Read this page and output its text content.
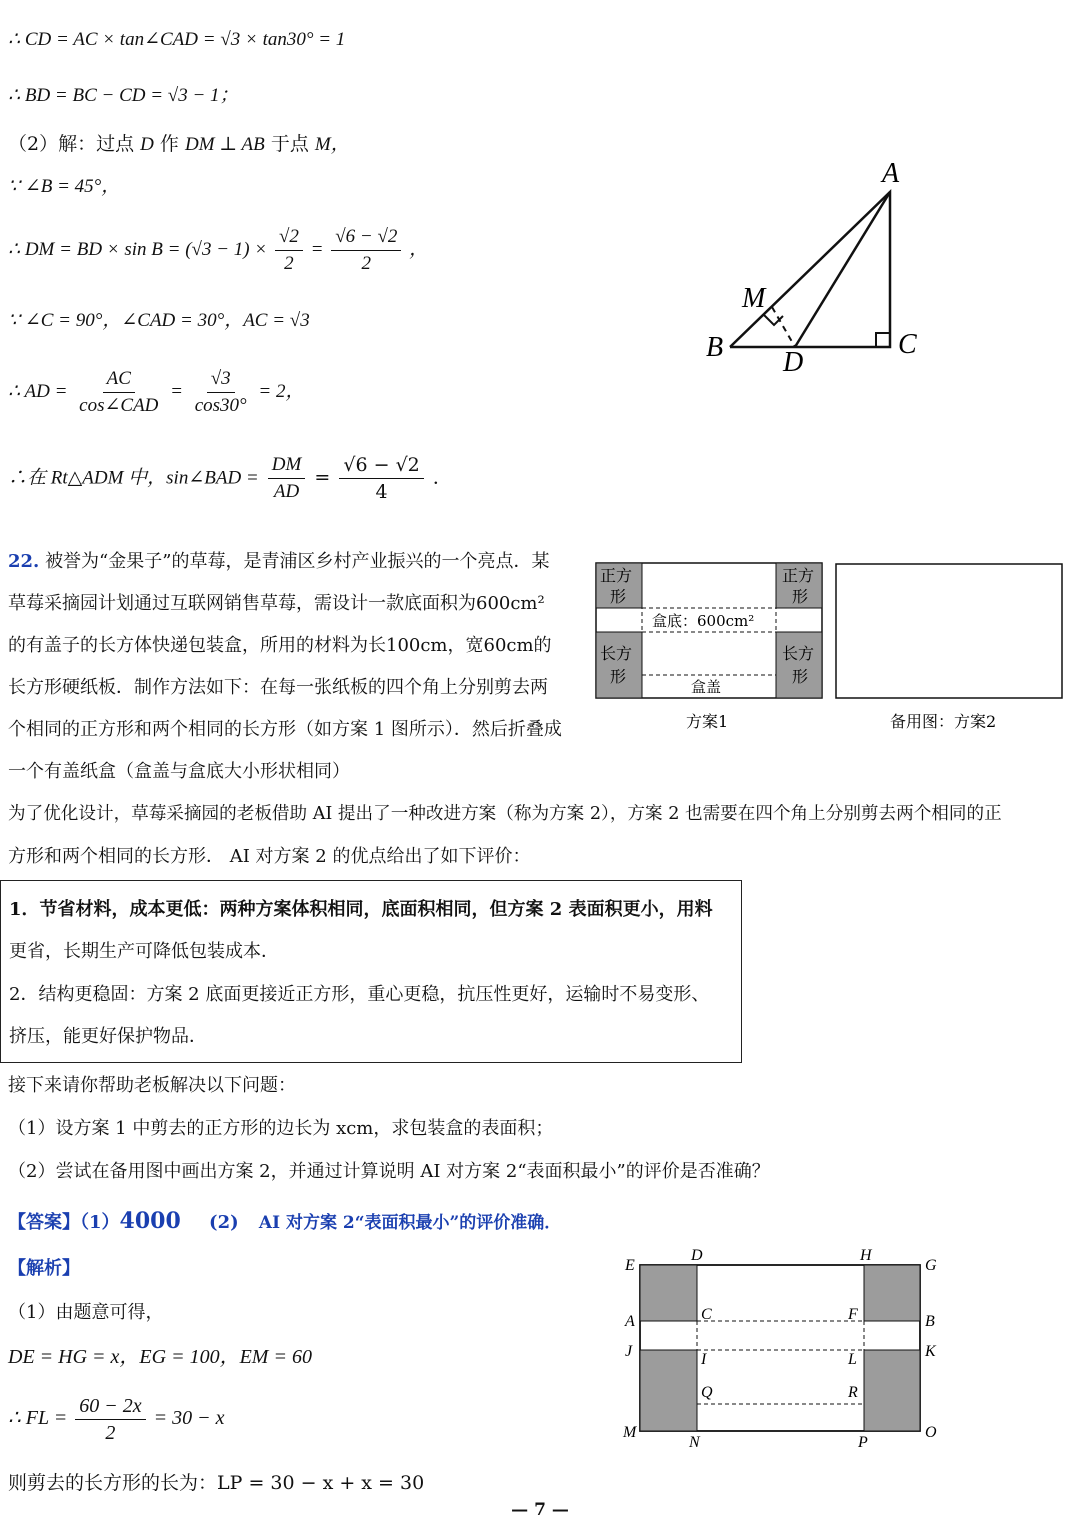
∴ CD = AC × tan∠CAD = √3 × tan30° = 1
∴ BD = BC − CD = √3 − 1；
（2）解：过点 D 作 DM ⊥ AB 于点 M，
∵ ∠B = 45°，
∴ DM = BD × $\sin B = (√3 - 1) \times \frac{√2}{2} = \frac{√6 - √2}{2}$ ，
∵ ∠C = 90°，∠CAD = 30°，AC = √3
∴ AD = $\frac{AC}{\text{cos∠CAD}} = \frac{√3}{\cos 30^\circ} = 2$，
∴在 Rt△ADM 中，sin∠BAD = $\frac{DM}{AD} = \frac{√6 - √2}{4}$ ．
A
M
B D
C
22. 被誉为“金果子”的草莓，是青浦区乡村产业振兴的一个亮点．某
草莓采摘园计划通过互联网销售草莓，需设计一款底面积为600cm²
的有盖子的长方体快递包装盒，所用的材料为长100cm，宽60cm的
长方形硬纸板．制作方法如下：在每一张纸板的四个角上分别剪去两
个相同的正方形和两个相同的长方形（如方案 1 图所示）．然后折叠成
一个有盖纸盒（盒盖与盒底大小形状相同）
为了优化设计，草莓采摘园的老板借助 AI 提出了一种改进方案（称为方案 2），方案 2 也需要在四个角上分别剪去两个相同的正
方形和两个相同的长方形． AI 对方案 2 的优点给出了如下评价：
正方
形
正方
形
长方
形
长方
形
盒底：600cm²
盒盖
方案1	备用图：方案2
1．节省材料，成本更低：两种方案体积相同，底面积相同，但方案 2 表面积更小，用料
更省，长期生产可降低包装成本．
2．结构更稳固：方案 2 底面更接近正方形，重心更稳，抗压性更好，运输时不易变形、
挤压，能更好保护物品．
接下来请你帮助老板解决以下问题：
（1）设方案 1 中剪去的正方形的边长为 xcm，求包装盒的表面积；
（2）尝试在备用图中画出方案 2，并通过计算说明 AI 对方案 2“表面积最小”的评价是否准确？
【答案】（1）4000 (2) AI 对方案 2“表面积最小”的评价准确．
【解析】
（1）由题意可得，
DE = HG = x，EG = 100，EM = 60
∴ FL = $\frac{60 - 2x}{2} = 30 - x$
则剪去的长方形的长为：LP = 30 − x + x = 30
E
D	H
G
A	C	F	B
J	I	L	K
Q	R
M
N	P
O
— 7 —
